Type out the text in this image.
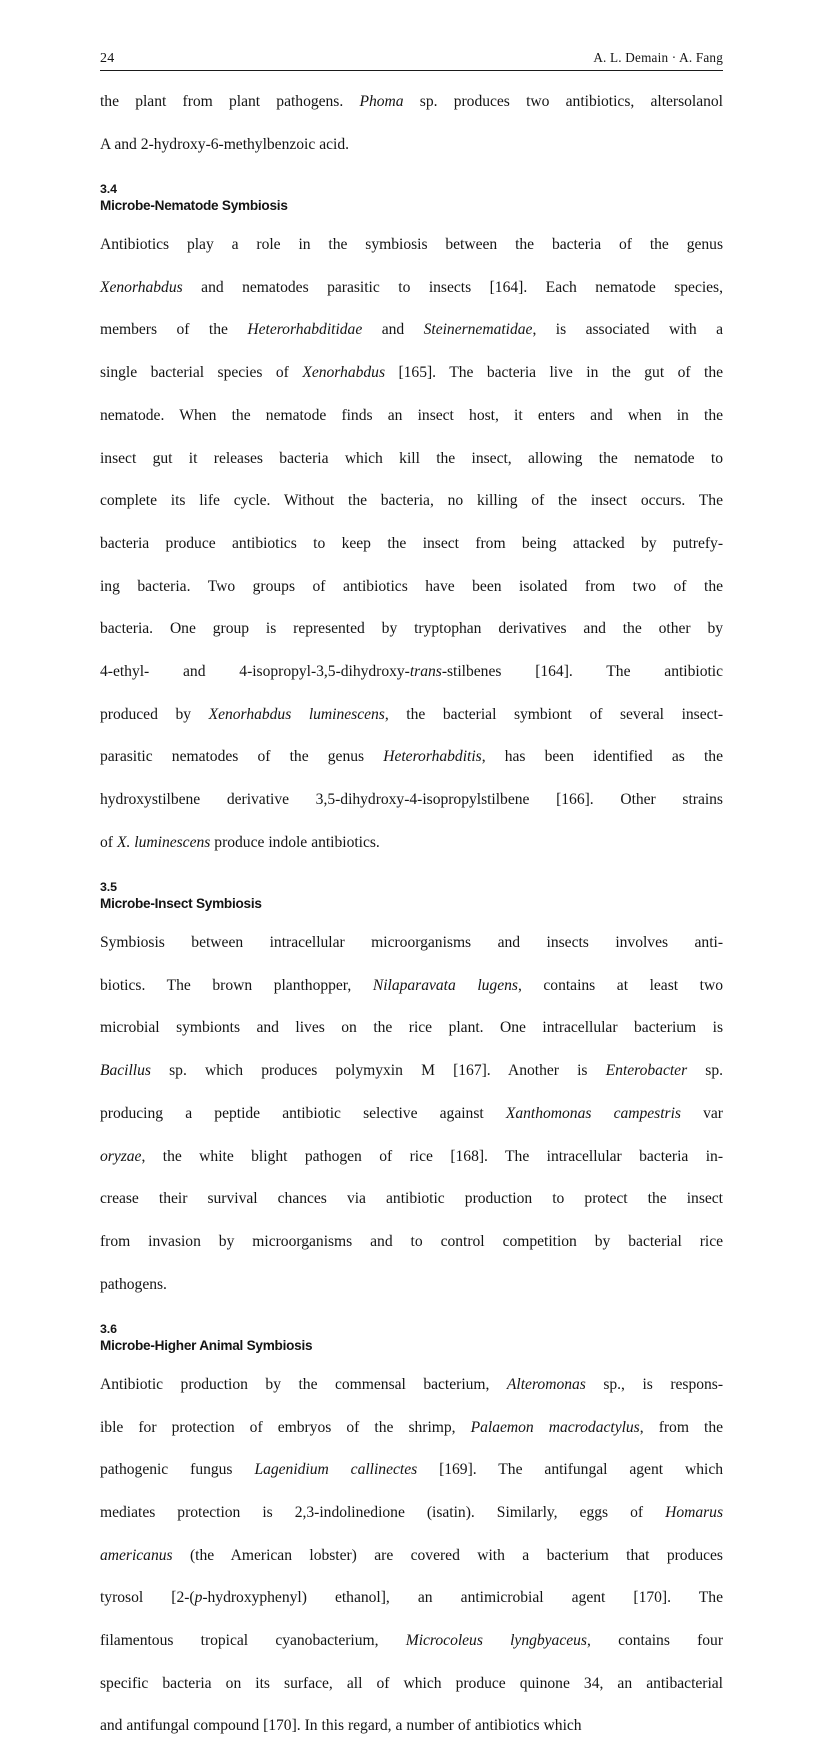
24	A. L. Demain · A. Fang

the plant from plant pathogens. Phoma sp. produces two antibiotics, altersolanol
A and 2-hydroxy-6-methylbenzoic acid.

3.4
Microbe-Nematode Symbiosis

Antibiotics play a role in the symbiosis between the bacteria of the genus
Xenorhabdus and nematodes parasitic to insects [164]. Each nematode species,
members of the Heterorhabditidae and Steinernematidae, is associated with a
single bacterial species of Xenorhabdus [165]. The bacteria live in the gut of the
nematode. When the nematode finds an insect host, it enters and when in the
insect gut it releases bacteria which kill the insect, allowing the nematode to
complete its life cycle. Without the bacteria, no killing of the insect occurs. The
bacteria produce antibiotics to keep the insect from being attacked by putrefy-
ing bacteria. Two groups of antibiotics have been isolated from two of the
bacteria. One group is represented by tryptophan derivatives and the other by
4-ethyl- and 4-isopropyl-3,5-dihydroxy-trans-stilbenes [164]. The antibiotic
produced by Xenorhabdus luminescens, the bacterial symbiont of several insect-
parasitic nematodes of the genus Heterorhabditis, has been identified as the
hydroxystilbene derivative 3,5-dihydroxy-4-isopropylstilbene [166]. Other strains
of X. luminescens produce indole antibiotics.

3.5
Microbe-Insect Symbiosis

Symbiosis between intracellular microorganisms and insects involves anti-
biotics. The brown planthopper, Nilaparavata lugens, contains at least two
microbial symbionts and lives on the rice plant. One intracellular bacterium is
Bacillus sp. which produces polymyxin M [167]. Another is Enterobacter sp.
producing a peptide antibiotic selective against Xanthomonas campestris var
oryzae, the white blight pathogen of rice [168]. The intracellular bacteria in-
crease their survival chances via antibiotic production to protect the insect
from invasion by microorganisms and to control competition by bacterial rice
pathogens.

3.6
Microbe-Higher Animal Symbiosis

Antibiotic production by the commensal bacterium, Alteromonas sp., is respons-
ible for protection of embryos of the shrimp, Palaemon macrodactylus, from the
pathogenic fungus Lagenidium callinectes [169]. The antifungal agent which
mediates protection is 2,3-indolinedione (isatin). Similarly, eggs of Homarus
americanus (the American lobster) are covered with a bacterium that produces
tyrosol [2-(p-hydroxyphenyl) ethanol], an antimicrobial agent [170]. The
filamentous tropical cyanobacterium, Microcoleus lyngbyaceus, contains four
specific bacteria on its surface, all of which produce quinone 34, an antibacterial
and antifungal compound [170]. In this regard, a number of antibiotics which
